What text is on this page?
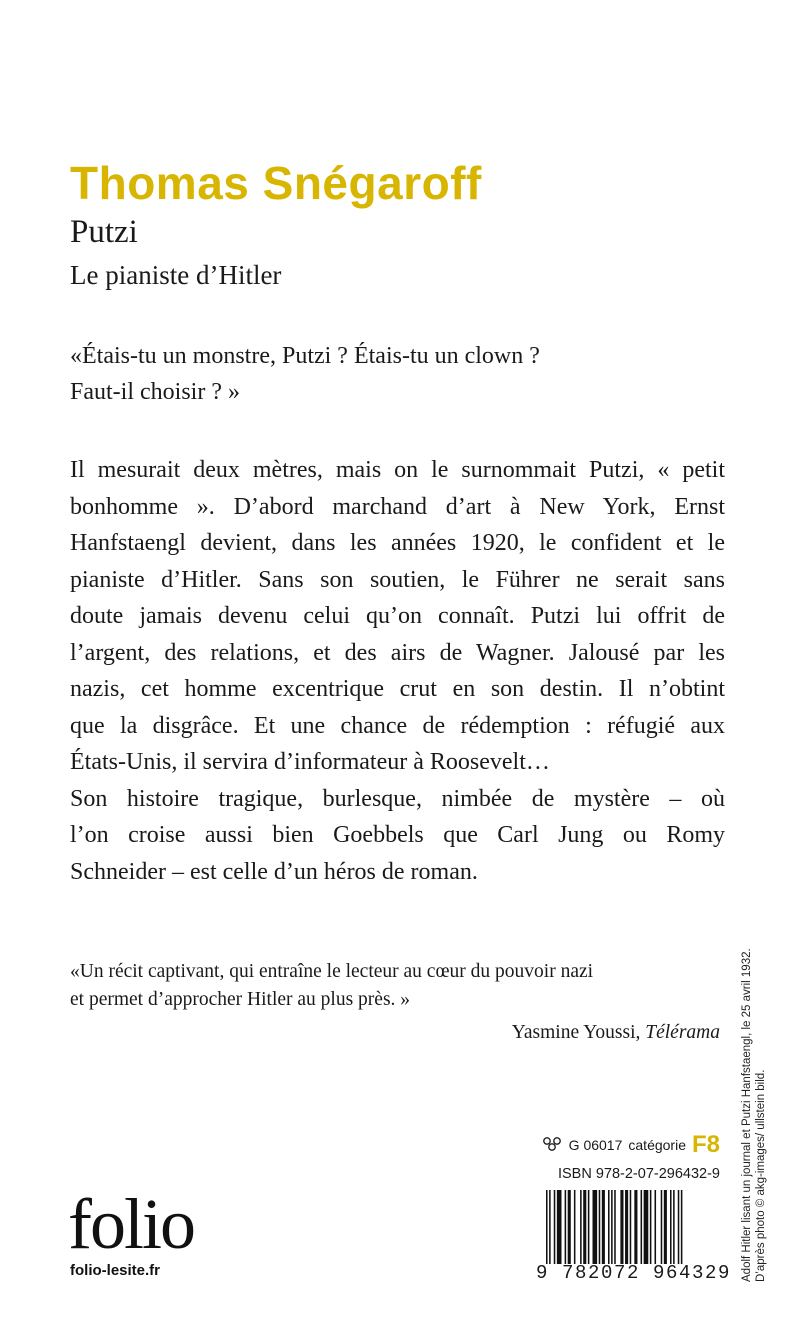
Thomas Snégaroff
Putzi
Le pianiste d’Hitler
«Étais-tu un monstre, Putzi ? Étais-tu un clown ?
Faut-il choisir ? »
Il mesurait deux mètres, mais on le surnommait Putzi, « petit
bonhomme ». D’abord marchand d’art à New York, Ernst
Hanfstaengl devient, dans les années 1920, le confident et le
pianiste d’Hitler. Sans son soutien, le Führer ne serait sans
doute jamais devenu celui qu’on connaît. Putzi lui offrit de
l’argent, des relations, et des airs de Wagner. Jalousé par les
nazis, cet homme excentrique crut en son destin. Il n’obtint
que la disgrâce. Et une chance de rédemption : réfugié aux
États-Unis, il servira d’informateur à Roosevelt…
Son histoire tragique, burlesque, nimbée de mystère – où
l’on croise aussi bien Goebbels que Carl Jung ou Romy
Schneider – est celle d’un héros de roman.
«Un récit captivant, qui entraîne le lecteur au cœur du pouvoir nazi
et permet d’approcher Hitler au plus près. »
Yasmine Youssi, Télérama Adolf Hitler lisant un journal et Putzi Hanfstaengl, le 25 avril 1932. D’après photo © akg-images/ ullstein bild.
G 06017 catégorie F8
ISBN 978-2-07-296432-9
9 782072 964329
folio
folio-lesite.fr
